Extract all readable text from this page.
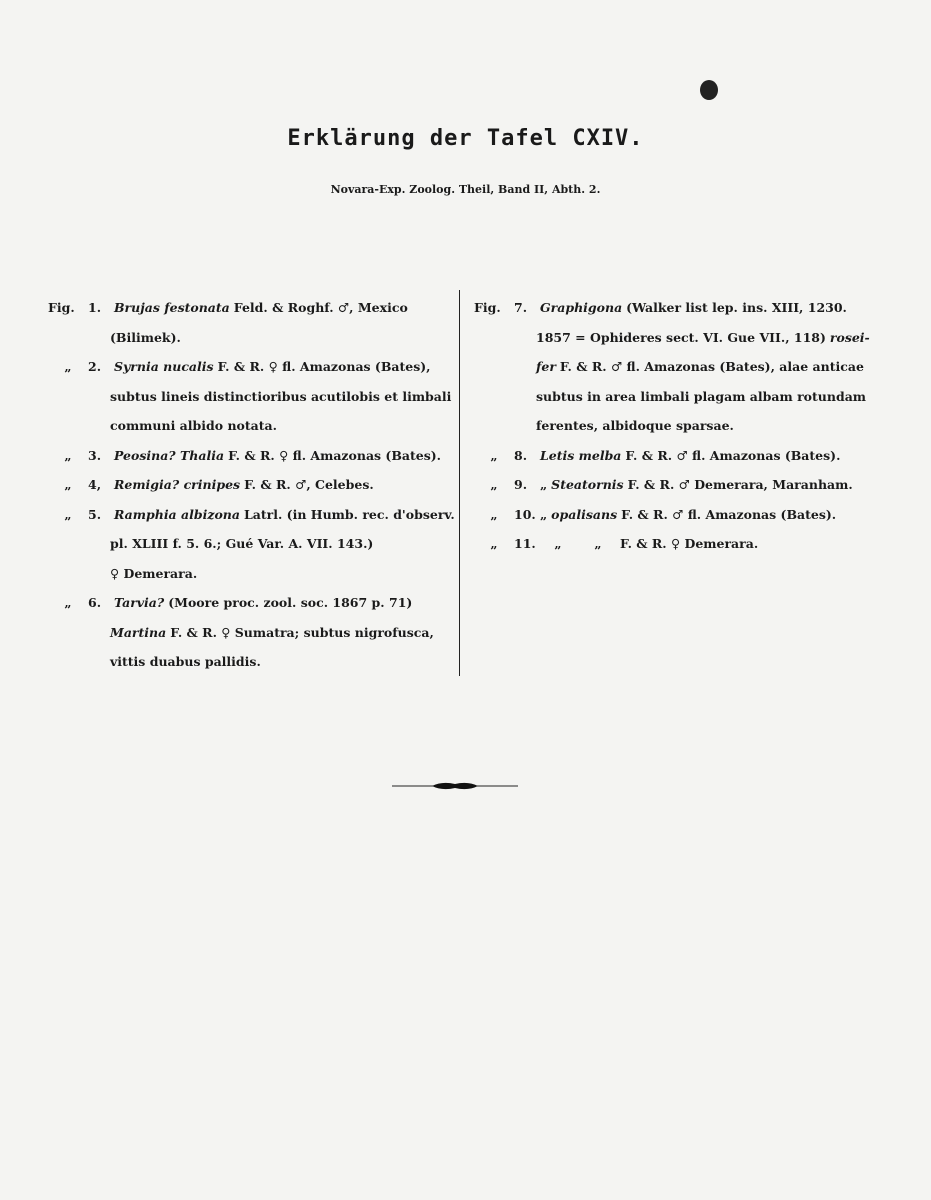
Erklärung der Tafel CXIV.
Novara-Exp. Zoolog. Theil, Band II, Abth. 2.
Fig. 1. Brujas festonata Feld. & Roghf. ♂, Mexico
(Bilimek).
„ 2. Syrnia nucalis F. & R. ♀ fl. Amazonas (Bates),
subtus lineis distinctioribus acutilobis et limbali
communi albido notata.
„ 3. Peosina? Thalia F. & R. ♀ fl. Amazonas (Bates).
„ 4, Remigia? crinipes F. & R. ♂, Celebes.
„ 5. Ramphia albizona Latrl. (in Humb. rec. d'observ.
pl. XLIII f. 5. 6.; Gué Var. A. VII. 143.)
♀ Demerara.
„ 6. Tarvia? (Moore proc. zool. soc. 1867 p. 71)
Martina F. & R. ♀ Sumatra; subtus nigrofusca,
vittis duabus pallidis.
Fig. 7. Graphigona (Walker list lep. ins. XIII, 1230.
1857 = Ophideres sect. VI. Gue VII., 118) rosei-
fer F. & R. ♂ fl. Amazonas (Bates), alae anticae
subtus in area limbali plagam albam rotundam
ferentes, albidoque sparsae.
„ 8. Letis melba F. & R. ♂ fl. Amazonas (Bates).
„ 9. „ Steatornis F. & R. ♂ Demerara, Maranham.
„ 10. „ opalisans F. & R. ♂ fl. Amazonas (Bates).
„ 11. „	„ F. & R. ♀ Demerara.
